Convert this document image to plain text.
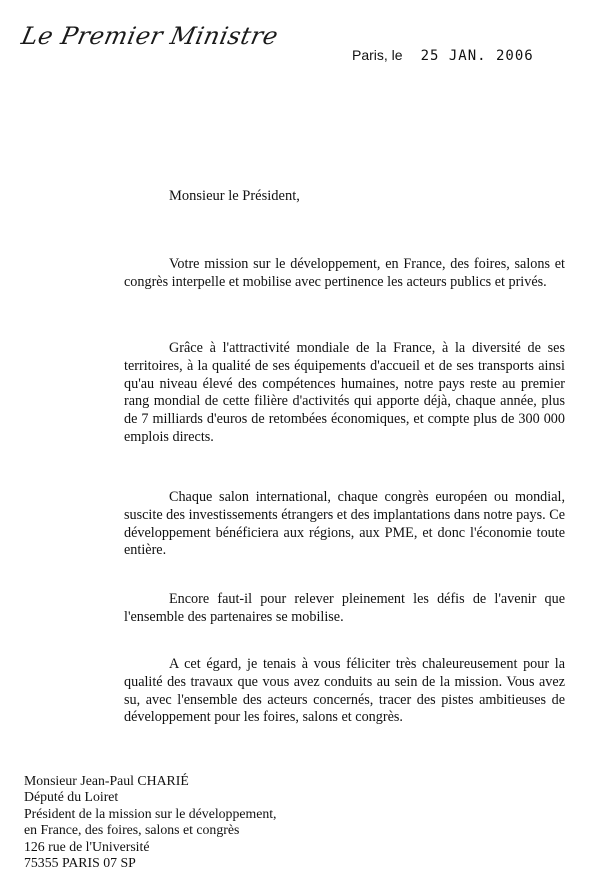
Le Premier Ministre
Paris, le 25 JAN. 2006
Monsieur le Président,

Votre mission sur le développement, en France, des foires, salons et congrès interpelle et mobilise avec pertinence les acteurs publics et privés.

Grâce à l'attractivité mondiale de la France, à la diversité de ses territoires, à la qualité de ses équipements d'accueil et de ses transports ainsi qu'au niveau élevé des compétences humaines, notre pays reste au premier rang mondial de cette filière d'activités qui apporte déjà, chaque année, plus de 7 milliards d'euros de retombées économiques, et compte plus de 300 000 emplois directs.

Chaque salon international, chaque congrès européen ou mondial, suscite des investissements étrangers et des implantations dans notre pays. Ce développement bénéficiera aux régions, aux PME, et donc l'économie toute entière.

Encore faut-il pour relever pleinement les défis de l'avenir que l'ensemble des partenaires se mobilise.

A cet égard, je tenais à vous féliciter très chaleureusement pour la qualité des travaux que vous avez conduits au sein de la mission. Vous avez su, avec l'ensemble des acteurs concernés, tracer des pistes ambitieuses de développement pour les foires, salons et congrès.

Monsieur Jean-Paul CHARIÉ
Député du Loiret
Président de la mission sur le développement,
en France, des foires, salons et congrès
126 rue de l'Université
75355 PARIS 07 SP
